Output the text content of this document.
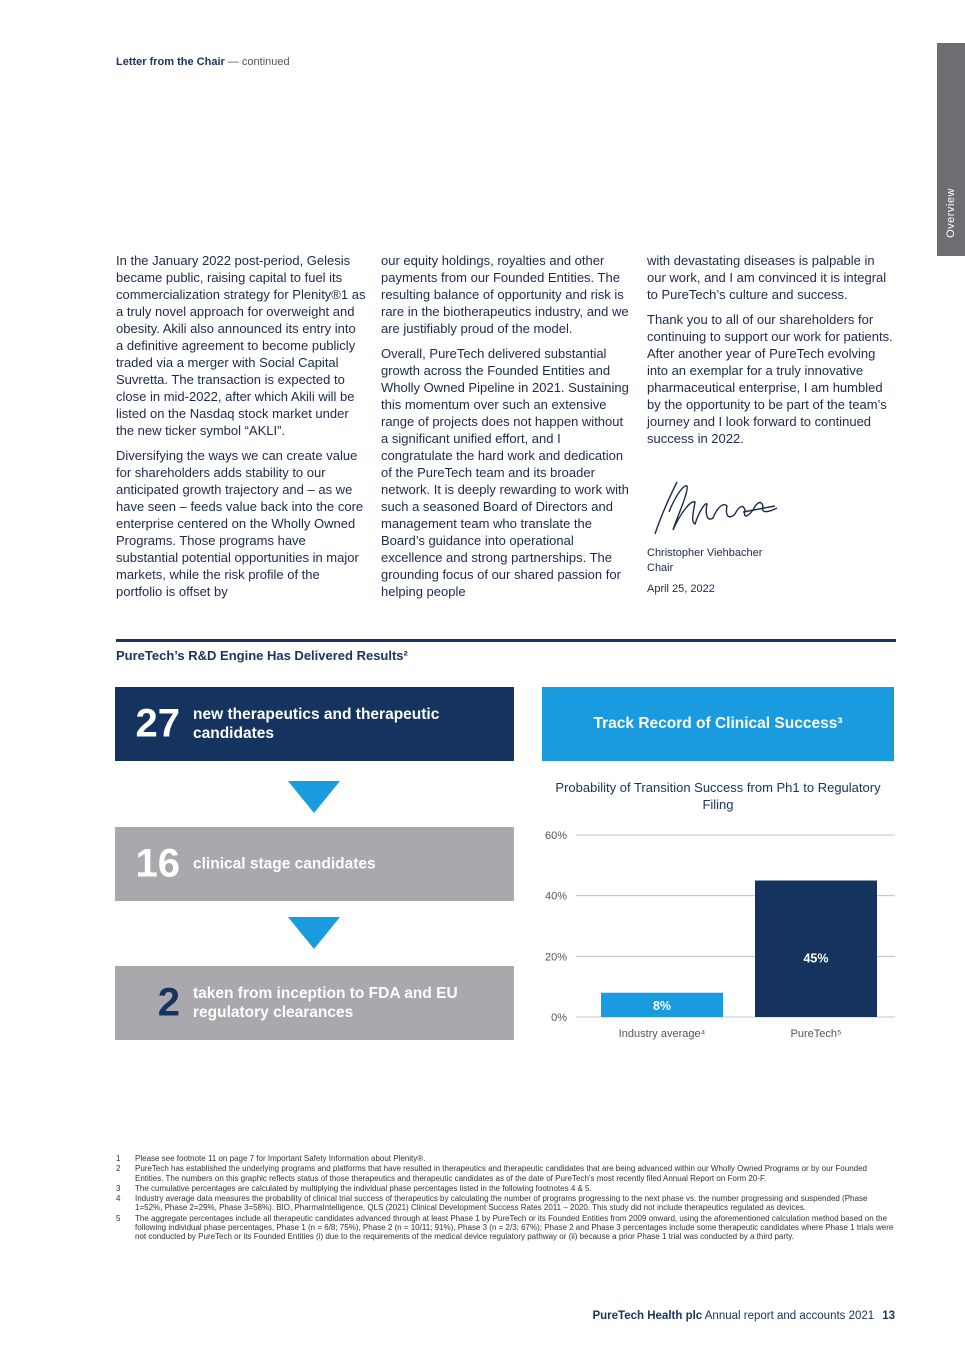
Letter from the Chair — continued
Overview

In the January 2022 post-period, Gelesis became public, raising capital to fuel its commercialization strategy for Plenity®1 as a truly novel approach for overweight and obesity. Akili also announced its entry into a definitive agreement to become publicly traded via a merger with Social Capital Suvretta. The transaction is expected to close in mid-2022, after which Akili will be listed on the Nasdaq stock market under the new ticker symbol “AKLI”.

Diversifying the ways we can create value for shareholders adds stability to our anticipated growth trajectory and – as we have seen – feeds value back into the core enterprise centered on the Wholly Owned Programs. Those programs have substantial potential opportunities in major markets, while the risk profile of the portfolio is offset by

our equity holdings, royalties and other payments from our Founded Entities. The resulting balance of opportunity and risk is rare in the biotherapeutics industry, and we are justifiably proud of the model.

Overall, PureTech delivered substantial growth across the Founded Entities and Wholly Owned Pipeline in 2021. Sustaining this momentum over such an extensive range of projects does not happen without a significant unified effort, and I congratulate the hard work and dedication of the PureTech team and its broader network. It is deeply rewarding to work with such a seasoned Board of Directors and management team who translate the Board’s guidance into operational excellence and strong partnerships. The grounding focus of our shared passion for helping people

with devastating diseases is palpable in our work, and I am convinced it is integral to PureTech’s culture and success.

Thank you to all of our shareholders for continuing to support our work for patients. After another year of PureTech evolving into an exemplar for a truly innovative pharmaceutical enterprise, I am humbled by the opportunity to be part of the team’s journey and I look forward to continued success in 2022.

Christopher Viehbacher
Chair
April 25, 2022
PureTech’s R&D Engine Has Delivered Results²
27 new therapeutics and therapeutic candidates
16 clinical stage candidates
2 taken from inception to FDA and EU regulatory clearances
Track Record of Clinical Success³
Probability of Transition Success from Ph1 to Regulatory Filing
0%
20%
40%
60%
8%
Industry average⁴
45%
PureTech⁵
1 Please see footnote 11 on page 7 for Important Safety Information about Plenity®.
2 PureTech has established the underlying programs and platforms that have resulted in therapeutics and therapeutic candidates that are being advanced within our Wholly Owned Programs or by our Founded Entities. The numbers on this graphic reflects status of those therapeutics and therapeutic candidates as of the date of PureTech’s most recently filed Annual Report on Form 20-F.
3 The cumulative percentages are calculated by multiplying the individual phase percentages listed in the following footnotes 4 & 5.
4 Industry average data measures the probability of clinical trial success of therapeutics by calculating the number of programs progressing to the next phase vs. the number progressing and suspended (Phase 1=52%, Phase 2=29%, Phase 3=58%). BIO, PharmaIntelligence, QLS (2021) Clinical Development Success Rates 2011 – 2020. This study did not include therapeutics regulated as devices.
5 The aggregate percentages include all therapeutic candidates advanced through at least Phase 1 by PureTech or its Founded Entities from 2009 onward, using the aforementioned calculation method based on the following individual phase percentages, Phase 1 (n = 6/8; 75%), Phase 2 (n = 10/11; 91%), Phase 3 (n = 2/3; 67%); Phase 2 and Phase 3 percentages include some therapeutic candidates where Phase 1 trials were not conducted by PureTech or its Founded Entities (i) due to the requirements of the medical device regulatory pathway or (ii) because a prior Phase 1 trial was conducted by a third party.
PureTech Health plc Annual report and accounts 2021 13
